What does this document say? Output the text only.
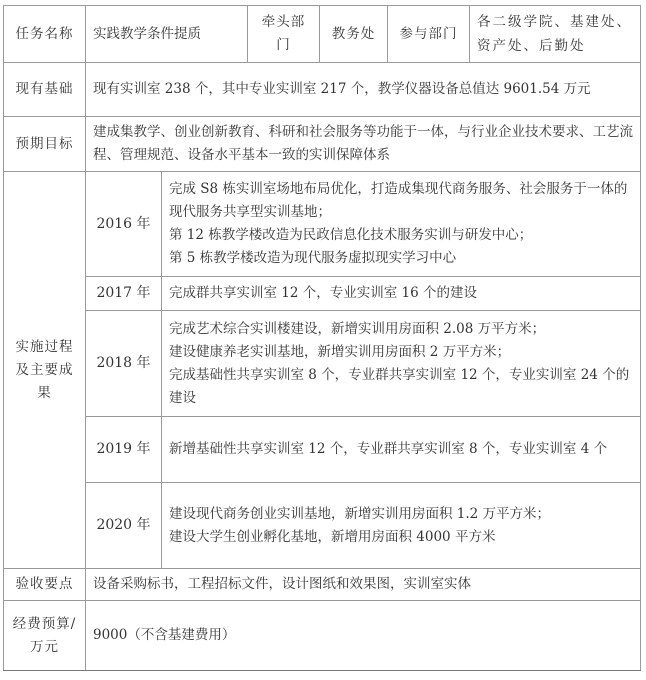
任务名称	实践教学条件提质		牵头部门	教务处	参与部门	各二级学院、基建处、资产处、后勤处
现有基础	现有实训室 238 个，其中专业实训室 217 个，教学仪器设备总值达 9601.54 万元					
预期目标	建成集教学、创业创新教育、科研和社会服务等功能于一体，与行业企业技术要求、工艺流程、管理规范、设备水平基本一致的实训保障体系					
实施过程及主要成果	2016 年	完成 S8 栋实训室场地布局优化，打造成集现代商务服务、社会服务于一体的现代服务共享型实训基地；
第 12 栋教学楼改造为民政信息化技术服务实训与研发中心；
第 5 栋教学楼改造为现代服务虚拟现实学习中心				

	2017 年	完成群共享实训室 12 个，专业实训室 16 个的建设				

	2018 年	完成艺术综合实训楼建设，新增实训用房面积 2.08 万平方米；
建设健康养老实训基地，新增实训用房面积 2 万平方米；
完成基础性共享实训室 8 个，专业群共享实训室 12 个，专业实训室 24 个的建设				

	2019 年	新增基础性共享实训室 12 个，专业群共享实训室 8 个，专业实训室 4 个				

	2020 年	建设现代商务创业实训基地，新增实训用房面积 1.2 万平方米；
建设大学生创业孵化基地，新增用房面积 4000 平方米				

验收要点	设备采购标书，工程招标文件，设计图纸和效果图，实训室实体					
经费预算/万元	9000（不含基建费用）					
